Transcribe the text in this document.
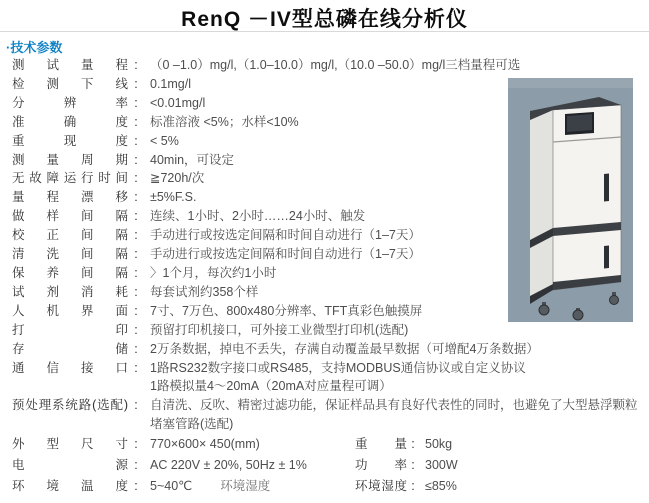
RenQ －IV型总磷在线分析仪
·技术参数
测试量程 : （0 –1.0）mg/l,（1.0–10.0）mg/l,（10.0 –50.0）mg/l三档量程可选
检测下线 : 0.1mg/l
分辨率 : <0.01mg/l
准确度 : 标准溶液 <5%；水样<10%
重现度 : < 5%
测量周期 : 40min，可设定
无故障运行时间 : ≧720h/次
量程漂移 : ±5%F.S.
做样间隔 : 连续、1小时、2小时……24小时、触发
校正间隔 : 手动进行或按选定间隔和时间自动进行（1–7天）
清洗间隔 : 手动进行或按选定间隔和时间自动进行（1–7天）
保养间隔 : 〉1个月，每次约1小时
试剂消耗 : 每套试剂约358个样
人机界面 : 7寸、7万色、800x480分辨率、TFT真彩色触摸屏
打印 : 预留打印机接口，可外接工业微型打印机(选配)
存储 : 2万条数据，掉电不丢失，存满自动覆盖最早数据（可增配4万条数据）
通信接口 : 1路RS232数字接口或RS485，支持MODBUS通信协议或自定义协议
1路模拟量4～20mA（20mA对应量程可调）
预处理系统路(选配) : 自清洗、反吹、精密过滤功能，保证样品具有良好代表性的同时，也避免了大型悬浮颗粒
堵塞管路(选配)
外型尺寸 : 770×600× 450(mm)	重量 : 50kg
电源 : AC 220V ± 20%, 50Hz ± 1%	功率 : 300W
环境温度 : 5~40℃ 环境湿度	环境湿度 : ≤85%
